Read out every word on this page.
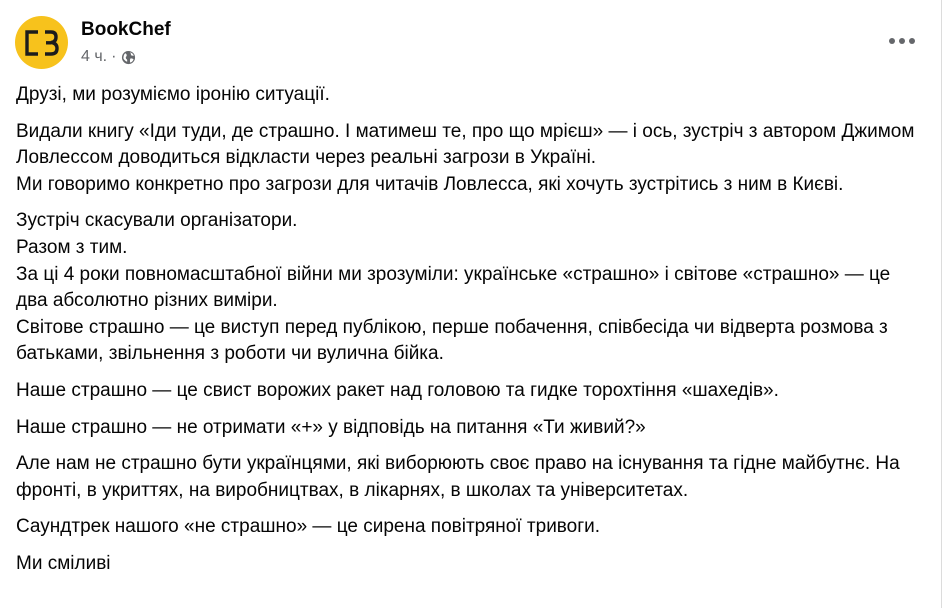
BookChef
4 ч. ·

Друзі, ми розуміємо іронію ситуації.

Видали книгу «Іди туди, де страшно. І матимеш те, про що мрієш» — і ось, зустріч з автором Джимом Ловлессом доводиться відкласти через реальні загрози в Україні.
Ми говоримо конкретно про загрози для читачів Ловлесса, які хочуть зустрітись з ним в Києві.

Зустріч скасували організатори.
Разом з тим.
За ці 4 роки повномасштабної війни ми зрозуміли: українське «страшно» і світове «страшно» — це два абсолютно різних виміри.
Світове страшно — це виступ перед публікою, перше побачення, співбесіда чи відверта розмова з батьками, звільнення з роботи чи вулична бійка.

Наше страшно — це свист ворожих ракет над головою та гидке торохтіння «шахедів».

Наше страшно — не отримати «+» у відповідь на питання «Ти живий?»

Але нам не страшно бути українцями, які виборюють своє право на існування та гідне майбутнє. На фронті, в укриттях, на виробництвах, в лікарнях, в школах та університетах.

Саундтрек нашого «не страшно» — це сирена повітряної тривоги.

Ми сміливі
